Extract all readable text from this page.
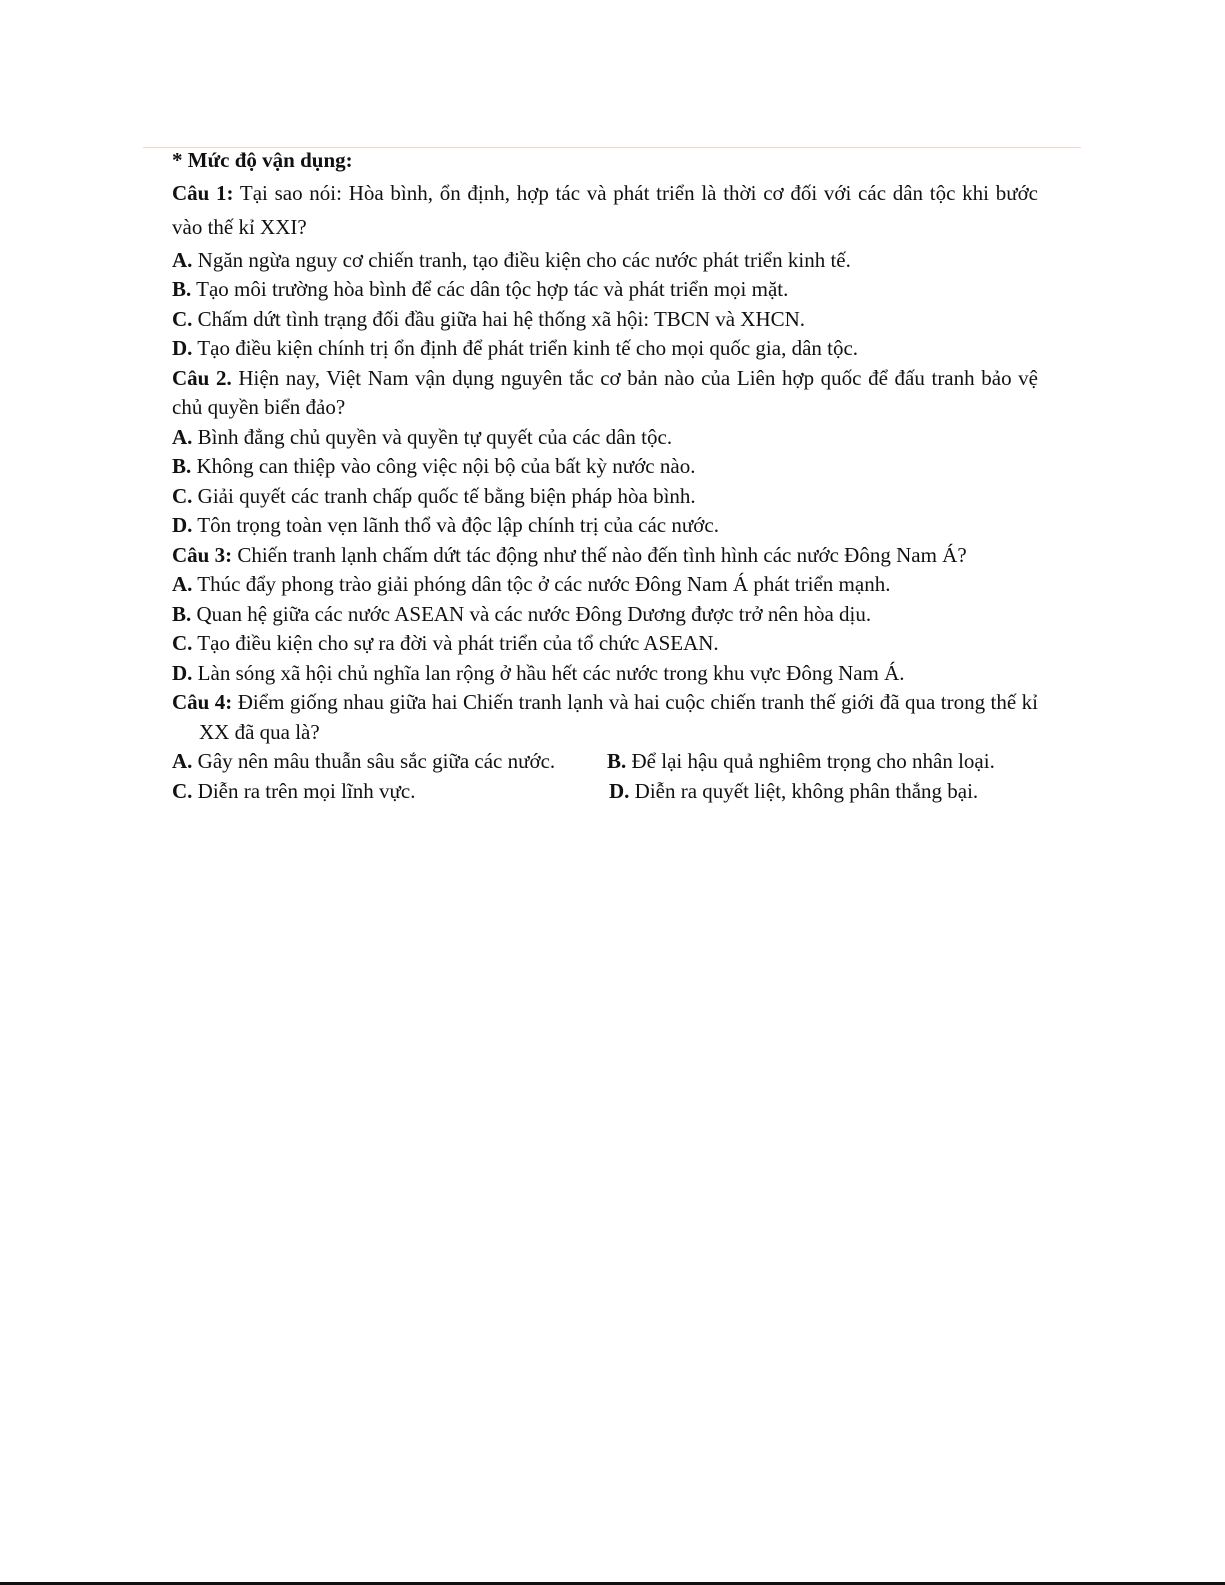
* Mức độ vận dụng:

Câu 1: Tại sao nói: Hòa bình, ổn định, hợp tác và phát triển là thời cơ đối với các dân tộc khi bước vào thế kỉ XXI?

A. Ngăn ngừa nguy cơ chiến tranh, tạo điều kiện cho các nước phát triển kinh tế.

B. Tạo môi trường hòa bình để các dân tộc hợp tác và phát triển mọi mặt.

C. Chấm dứt tình trạng đối đầu giữa hai hệ thống xã hội: TBCN và XHCN.

D. Tạo điều kiện chính trị ổn định để phát triển kinh tế cho mọi quốc gia, dân tộc.

Câu 2. Hiện nay, Việt Nam vận dụng nguyên tắc cơ bản nào của Liên hợp quốc để đấu tranh bảo vệ chủ quyền biển đảo?

A. Bình đẳng chủ quyền và quyền tự quyết của các dân tộc.

B. Không can thiệp vào công việc nội bộ của bất kỳ nước nào.

C. Giải quyết các tranh chấp quốc tế bằng biện pháp hòa bình.

D. Tôn trọng toàn vẹn lãnh thổ và độc lập chính trị của các nước.

Câu 3: Chiến tranh lạnh chấm dứt tác động như thế nào đến tình hình các nước Đông Nam Á?

A. Thúc đẩy phong trào giải phóng dân tộc ở các nước Đông Nam Á phát triển mạnh.

B. Quan hệ giữa các nước ASEAN và các nước Đông Dương được trở nên hòa dịu.

C. Tạo điều kiện cho sự ra đời và phát triển của tổ chức ASEAN.

D. Làn sóng xã hội chủ nghĩa lan rộng ở hầu hết các nước trong khu vực Đông Nam Á.

Câu 4: Điểm giống nhau giữa hai Chiến tranh lạnh và hai cuộc chiến tranh thế giới đã qua trong thế kỉ XX đã qua là?

A. Gây nên mâu thuẫn sâu sắc giữa các nước.	B. Để lại hậu quả nghiêm trọng cho nhân loại.
C. Diễn ra trên mọi lĩnh vực.	D. Diễn ra quyết liệt, không phân thắng bại.
